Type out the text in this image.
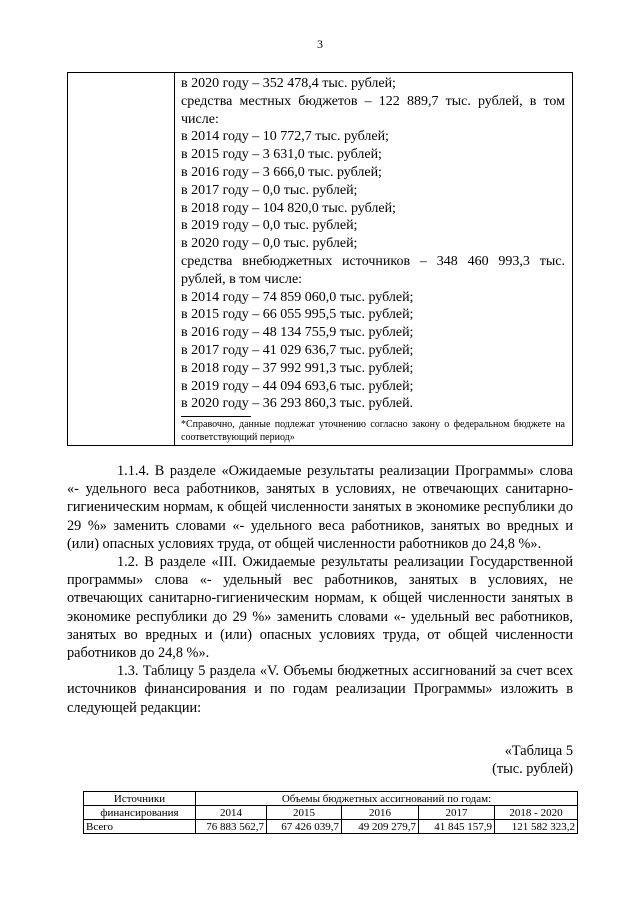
3
в 2020 году – 352 478,4 тыс. рублей;
средства местных бюджетов – 122 889,7 тыс. рублей, в том
числе:
в 2014 году – 10 772,7 тыс. рублей;
в 2015 году – 3 631,0 тыс. рублей;
в 2016 году – 3 666,0 тыс. рублей;
в 2017 году – 0,0 тыс. рублей;
в 2018 году – 104 820,0 тыс. рублей;
в 2019 году – 0,0 тыс. рублей;
в 2020 году – 0,0 тыс. рублей;
средства внебюджетных источников – 348 460 993,3 тыс.
рублей, в том числе:
в 2014 году – 74 859 060,0 тыс. рублей;
в 2015 году – 66 055 995,5 тыс. рублей;
в 2016 году – 48 134 755,9 тыс. рублей;
в 2017 году – 41 029 636,7 тыс. рублей;
в 2018 году – 37 992 991,3 тыс. рублей;
в 2019 году – 44 094 693,6 тыс. рублей;
в 2020 году – 36 293 860,3 тыс. рублей.
*Справочно, данные подлежат уточнению согласно закону о федеральном бюджете на соответствующий период»

1.1.4. В разделе «Ожидаемые результаты реализации Программы» слова «- удельного веса работников, занятых в условиях, не отвечающих санитарно-гигиеническим нормам, к общей численности занятых в экономике республики до 29 %» заменить словами «- удельного веса работников, занятых во вредных и (или) опасных условиях труда, от общей численности работников до 24,8 %».

1.2. В разделе «III. Ожидаемые результаты реализации Государственной программы» слова «- удельный вес работников, занятых в условиях, не отвечающих санитарно-гигиеническим нормам, к общей численности занятых в экономике республики до 29 %» заменить словами «- удельный вес работников, занятых во вредных и (или) опасных условиях труда, от общей численности работников до 24,8 %».

1.3. Таблицу 5 раздела «V. Объемы бюджетных ассигнований за счет всех источников финансирования и по годам реализации Программы» изложить в следующей редакции:

«Таблица 5
(тыс. рублей)
Источники	Объемы бюджетных ассигнований по годам:				
финансирования	2014	2015	2016	2017	2018 - 2020
Всего	76 883 562,7	67 426 039,7	49 209 279,7	41 845 157,9	121 582 323,2
